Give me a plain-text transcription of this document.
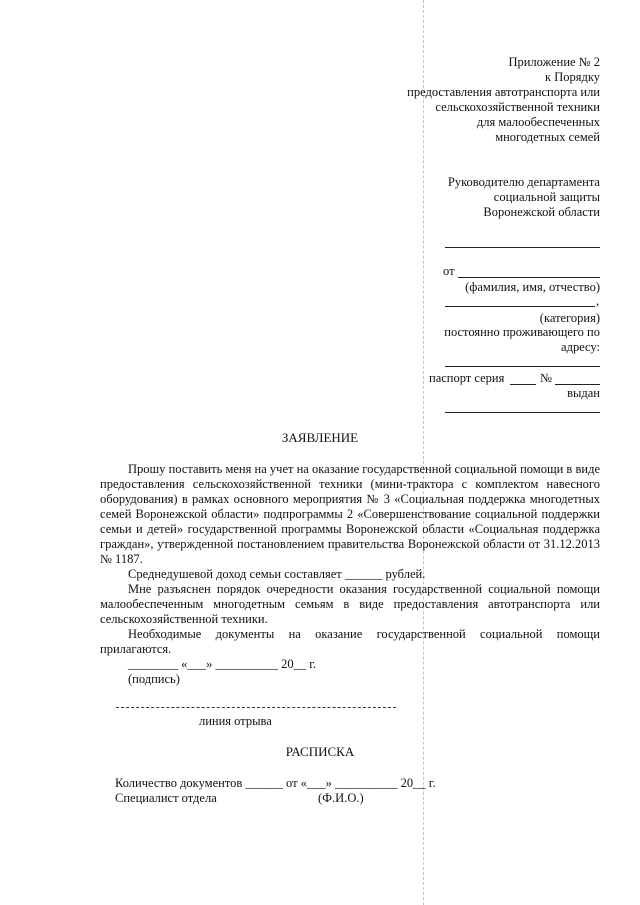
Приложение № 2
к Порядку
предоставления автотранспорта или
сельскохозяйственной техники
для малообеспеченных
многодетных семей
Руководителю департамента
социальной защиты
Воронежской области
от
(фамилия, имя, отчество)
,
(категория)
постоянно проживающего по
адресу:
паспорт серия	№
выдан
ЗАЯВЛЕНИЕ

Прошу поставить меня на учет на оказание государственной социальной помощи в виде предоставления сельскохозяйственной техники (мини-трактора с комплектом навесного оборудования) в рамках основного мероприятия № 3 «Социальная поддержка многодетных семей Воронежской области» подпрограммы 2 «Совершенствование социальной поддержки семьи и детей» государственной программы Воронежской области «Социальная поддержка граждан», утвержденной постановлением правительства Воронежской области от 31.12.2013 № 1187.

Среднедушевой доход семьи составляет ______ рублей.

Мне разъяснен порядок очередности оказания государственной социальной помощи малообеспеченным многодетным семьям в виде предоставления автотранспорта или сельскохозяйственной техники.

Необходимые документы на оказание государственной социальной помощи прилагаются.

________ «___» __________ 20__ г.
(подпись)
линия отрыва
РАСПИСКА
Количество документов ______ от «___» __________ 20__ г.
Специалист отдела	(Ф.И.О.)
